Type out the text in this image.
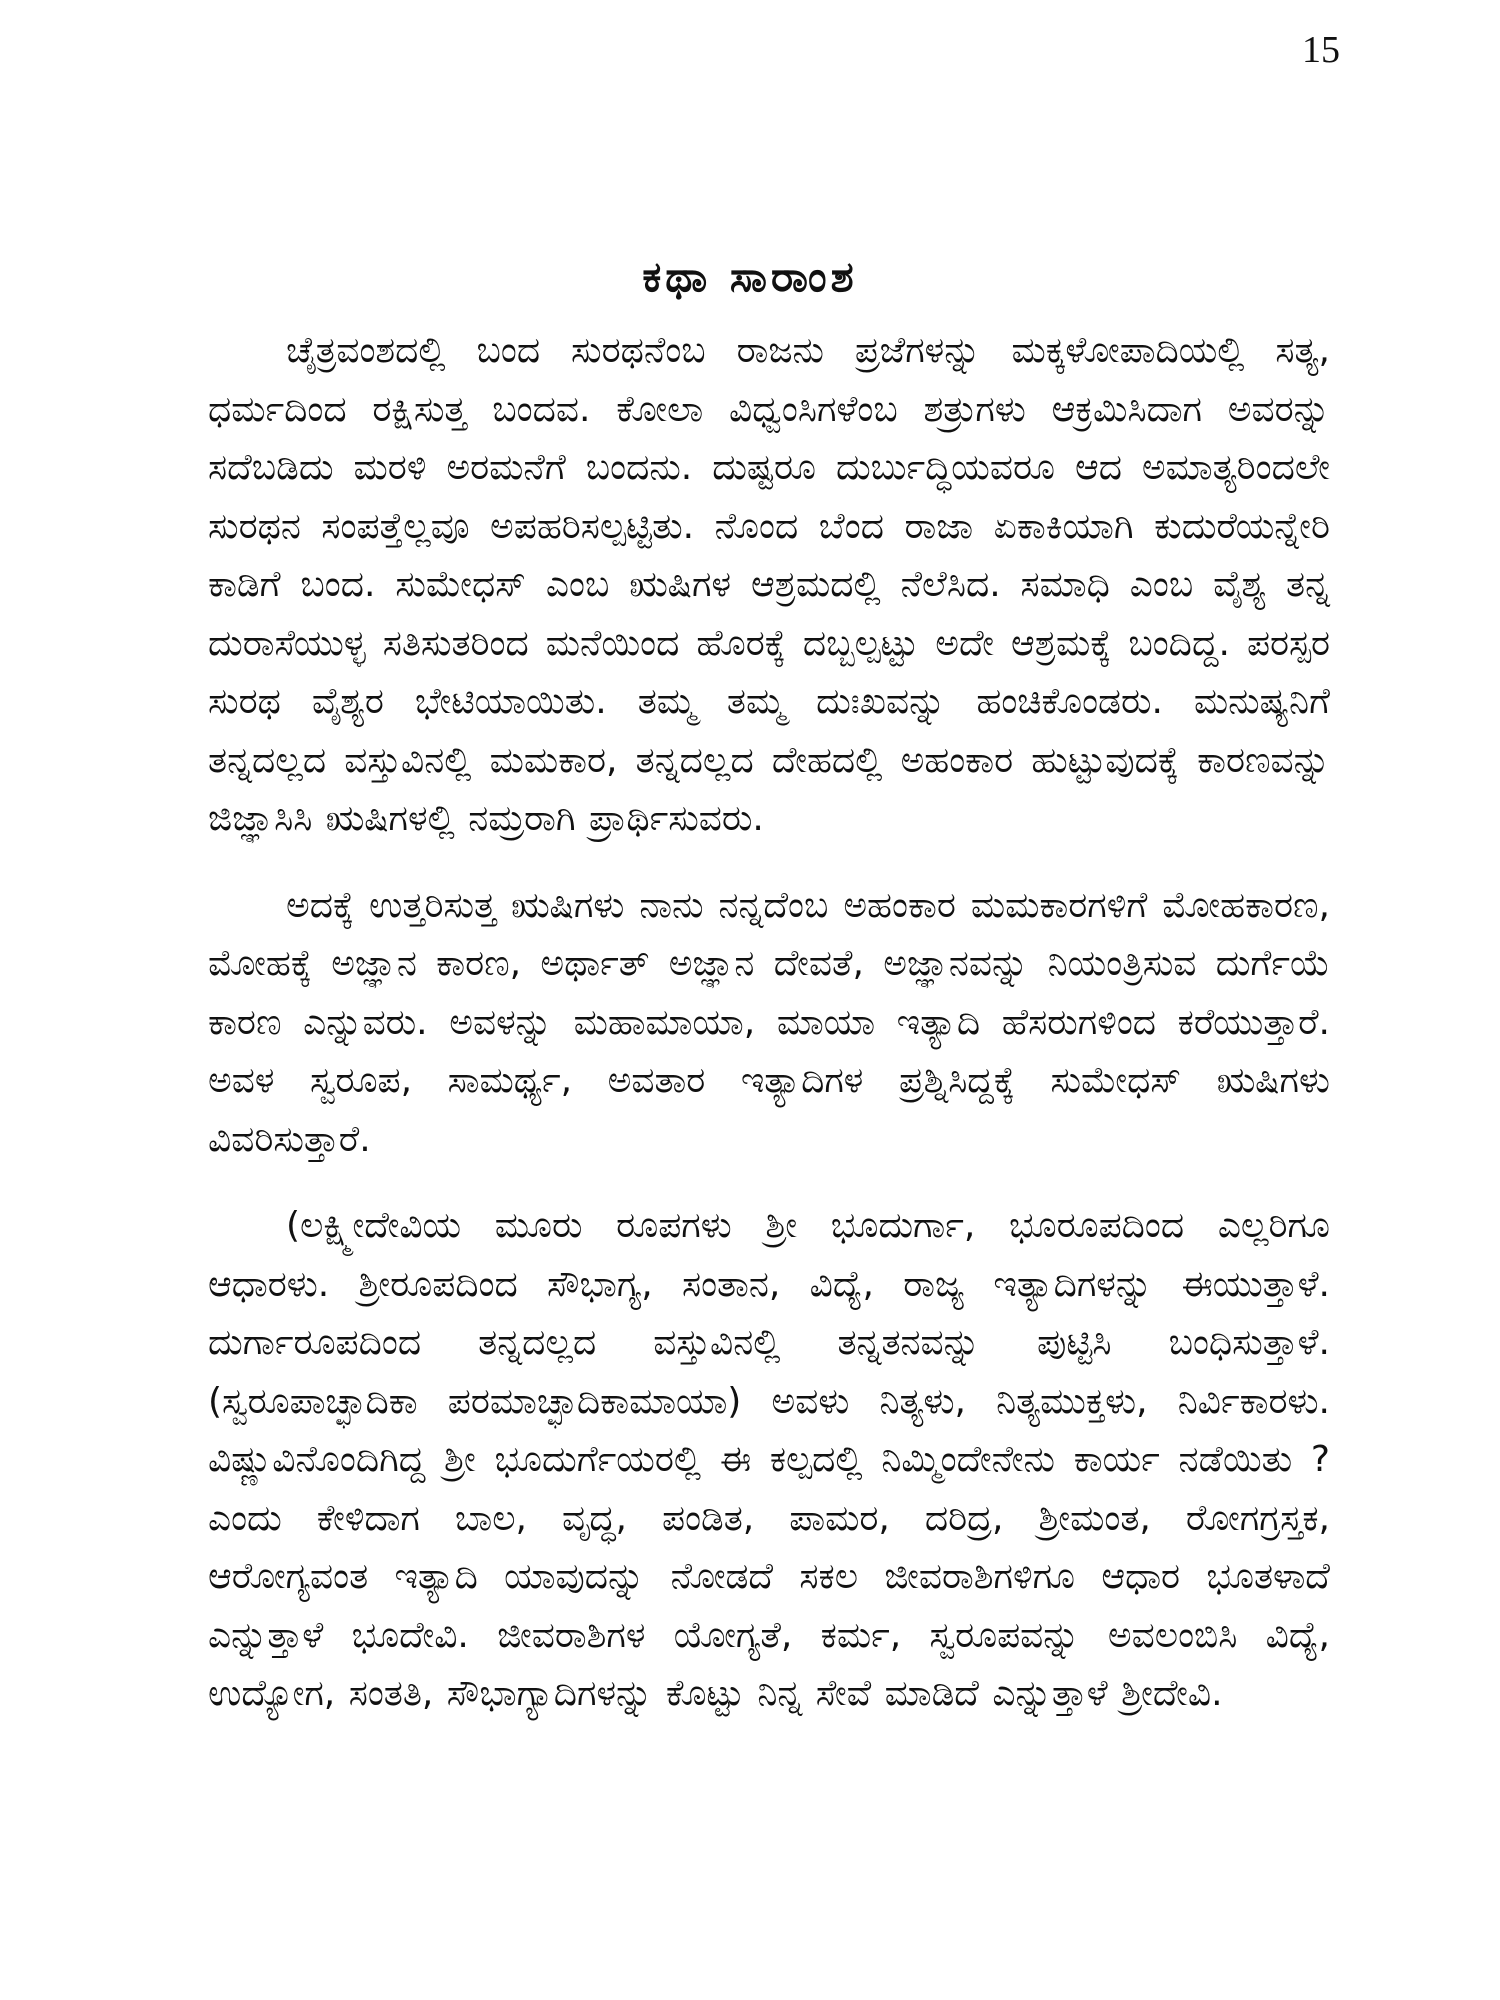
15
ಕಥಾ ಸಾರಾಂಶ

ಚೈತ್ರವಂಶದಲ್ಲಿ ಬಂದ ಸುರಥನೆಂಬ ರಾಜನು ಪ್ರಜೆಗಳನ್ನು ಮಕ್ಕಳೋಪಾದಿಯಲ್ಲಿ ಸತ್ಯ, ಧರ್ಮದಿಂದ ರಕ್ಷಿಸುತ್ತ ಬಂದವ. ಕೋಲಾ ವಿಧ್ವಂಸಿಗಳೆಂಬ ಶತ್ರುಗಳು ಆಕ್ರಮಿಸಿದಾಗ ಅವರನ್ನು ಸದೆಬಡಿದು ಮರಳಿ ಅರಮನೆಗೆ ಬಂದನು. ದುಷ್ಟರೂ ದುರ್ಬುದ್ಧಿಯವರೂ ಆದ ಅಮಾತ್ಯರಿಂದಲೇ ಸುರಥನ ಸಂಪತ್ತೆಲ್ಲವೂ ಅಪಹರಿಸಲ್ಪಟ್ಟಿತು. ನೊಂದ ಬೆಂದ ರಾಜಾ ಏಕಾಕಿಯಾಗಿ ಕುದುರೆಯನ್ನೇರಿ ಕಾಡಿಗೆ ಬಂದ. ಸುಮೇಧಸ್ ಎಂಬ ಋಷಿಗಳ ಆಶ್ರಮದಲ್ಲಿ ನೆಲೆಸಿದ. ಸಮಾಧಿ ಎಂಬ ವೈಶ್ಯ ತನ್ನ ದುರಾಸೆಯುಳ್ಳ ಸತಿಸುತರಿಂದ ಮನೆಯಿಂದ ಹೊರಕ್ಕೆ ದಬ್ಬಲ್ಪಟ್ಟು ಅದೇ ಆಶ್ರಮಕ್ಕೆ ಬಂದಿದ್ದ. ಪರಸ್ಪರ ಸುರಥ ವೈಶ್ಯರ ಭೇಟಿಯಾಯಿತು. ತಮ್ಮ ತಮ್ಮ ದುಃಖವನ್ನು ಹಂಚಿಕೊಂಡರು. ಮನುಷ್ಯನಿಗೆ ತನ್ನದಲ್ಲದ ವಸ್ತುವಿನಲ್ಲಿ ಮಮಕಾರ, ತನ್ನದಲ್ಲದ ದೇಹದಲ್ಲಿ ಅಹಂಕಾರ ಹುಟ್ಟುವುದಕ್ಕೆ ಕಾರಣವನ್ನು ಜಿಜ್ಞಾಸಿಸಿ ಋಷಿಗಳಲ್ಲಿ ನಮ್ರರಾಗಿ ಪ್ರಾರ್ಥಿಸುವರು.

ಅದಕ್ಕೆ ಉತ್ತರಿಸುತ್ತ ಋಷಿಗಳು ನಾನು ನನ್ನದೆಂಬ ಅಹಂಕಾರ ಮಮಕಾರಗಳಿಗೆ ಮೋಹಕಾರಣ, ಮೋಹಕ್ಕೆ ಅಜ್ಞಾನ ಕಾರಣ, ಅರ್ಥಾತ್ ಅಜ್ಞಾನ ದೇವತೆ, ಅಜ್ಞಾನವನ್ನು ನಿಯಂತ್ರಿಸುವ ದುರ್ಗೆಯೆ ಕಾರಣ ಎನ್ನುವರು. ಅವಳನ್ನು ಮಹಾಮಾಯಾ, ಮಾಯಾ ಇತ್ಯಾದಿ ಹೆಸರುಗಳಿಂದ ಕರೆಯುತ್ತಾರೆ. ಅವಳ ಸ್ವರೂಪ, ಸಾಮರ್ಥ್ಯ, ಅವತಾರ ಇತ್ಯಾದಿಗಳ ಪ್ರಶ್ನಿಸಿದ್ದಕ್ಕೆ ಸುಮೇಧಸ್ ಋಷಿಗಳು ವಿವರಿಸುತ್ತಾರೆ.

(ಲಕ್ಷ್ಮೀದೇವಿಯ ಮೂರು ರೂಪಗಳು ಶ್ರೀ ಭೂದುರ್ಗಾ, ಭೂರೂಪದಿಂದ ಎಲ್ಲರಿಗೂ ಆಧಾರಳು. ಶ್ರೀರೂಪದಿಂದ ಸೌಭಾಗ್ಯ, ಸಂತಾನ, ವಿದ್ಯೆ, ರಾಜ್ಯ ಇತ್ಯಾದಿಗಳನ್ನು ಈಯುತ್ತಾಳೆ. ದುರ್ಗಾರೂಪದಿಂದ ತನ್ನದಲ್ಲದ ವಸ್ತುವಿನಲ್ಲಿ ತನ್ನತನವನ್ನು ಪುಟ್ಟಿಸಿ ಬಂಧಿಸುತ್ತಾಳೆ. (ಸ್ವರೂಪಾಚ್ಛಾದಿಕಾ ಪರಮಾಚ್ಛಾದಿಕಾಮಾಯಾ) ಅವಳು ನಿತ್ಯಳು, ನಿತ್ಯಮುಕ್ತಳು, ನಿರ್ವಿಕಾರಳು. ವಿಷ್ಣುವಿನೊಂದಿಗಿದ್ದ ಶ್ರೀ ಭೂದುರ್ಗೆಯರಲ್ಲಿ ಈ ಕಲ್ಪದಲ್ಲಿ ನಿಮ್ಮಿಂದೇನೇನು ಕಾರ್ಯ ನಡೆಯಿತು ? ಎಂದು ಕೇಳಿದಾಗ ಬಾಲ, ವೃದ್ಧ, ಪಂಡಿತ, ಪಾಮರ, ದರಿದ್ರ, ಶ್ರೀಮಂತ, ರೋಗಗ್ರಸ್ತಕ, ಆರೋಗ್ಯವಂತ ಇತ್ಯಾದಿ ಯಾವುದನ್ನು ನೋಡದೆ ಸಕಲ ಜೀವರಾಶಿಗಳಿಗೂ ಆಧಾರ ಭೂತಳಾದೆ ಎನ್ನುತ್ತಾಳೆ ಭೂದೇವಿ. ಜೀವರಾಶಿಗಳ ಯೋಗ್ಯತೆ, ಕರ್ಮ, ಸ್ವರೂಪವನ್ನು ಅವಲಂಬಿಸಿ ವಿದ್ಯೆ, ಉದ್ಯೋಗ, ಸಂತತಿ, ಸೌಭಾಗ್ಯಾದಿಗಳನ್ನು ಕೊಟ್ಟು ನಿನ್ನ ಸೇವೆ ಮಾಡಿದೆ ಎನ್ನುತ್ತಾಳೆ ಶ್ರೀದೇವಿ.
